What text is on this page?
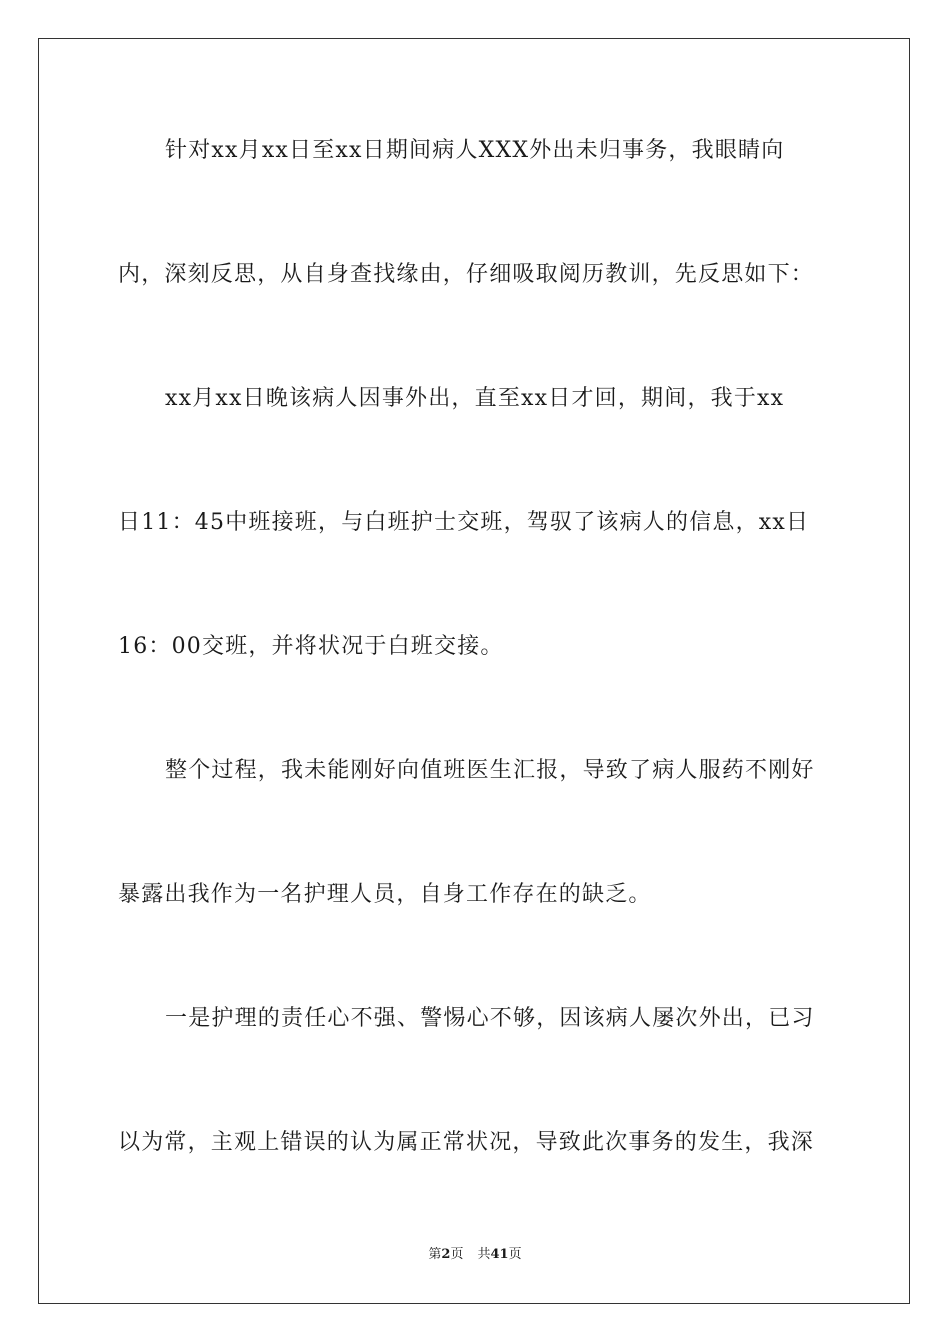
针对xx月xx日至xx日期间病人XXX外出未归事务，我眼睛向
内，深刻反思，从自身查找缘由，仔细吸取阅历教训，先反思如下：
xx月xx日晚该病人因事外出，直至xx日才回，期间，我于xx
日11：45中班接班，与白班护士交班，驾驭了该病人的信息，xx日
16：00交班，并将状况于白班交接。
整个过程，我未能刚好向值班医生汇报，导致了病人服药不刚好
暴露出我作为一名护理人员，自身工作存在的缺乏。
一是护理的责任心不强、警惕心不够，因该病人屡次外出，已习
以为常，主观上错误的认为属正常状况，导致此次事务的发生，我深
第2页 共41页
